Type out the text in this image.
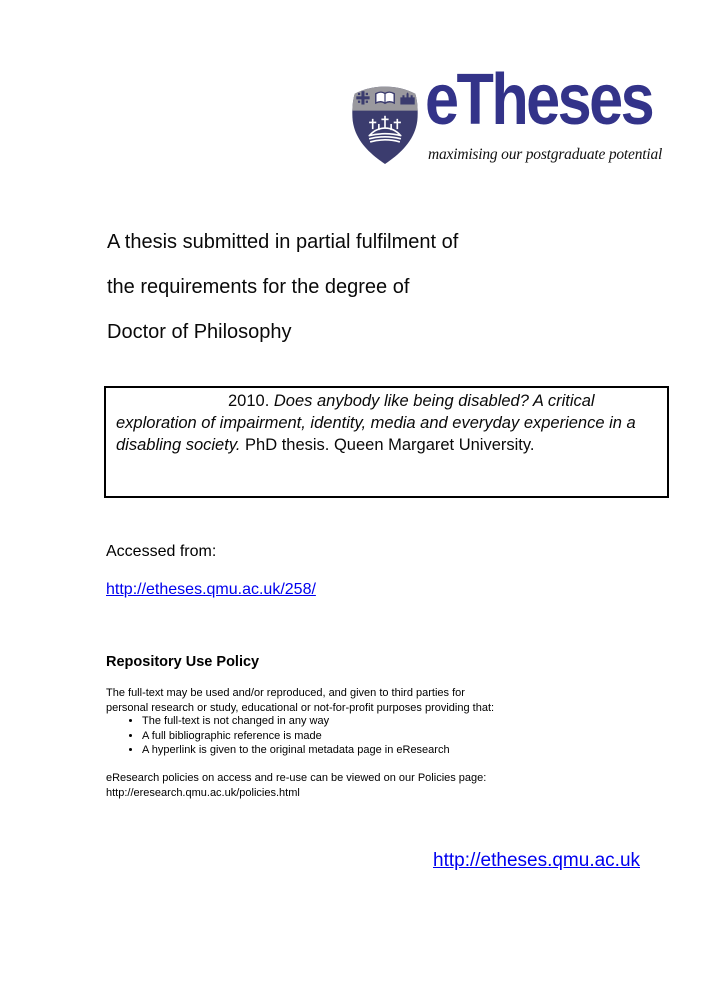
eTheses
maximising our postgraduate potential
A thesis submitted in partial fulfilment of
the requirements for the degree of
Doctor of Philosophy

2010. Does anybody like being disabled? A critical exploration of impairment, identity, media and everyday experience in a disabling society. PhD thesis. Queen Margaret University.

Accessed from:
http://etheses.qmu.ac.uk/258/
Repository Use Policy
The full-text may be used and/or reproduced, and given to third parties for personal research or study, educational or not-for-profit purposes providing that:
• The full-text is not changed in any way
• A full bibliographic reference is made
• A hyperlink is given to the original metadata page in eResearch
eResearch policies on access and re-use can be viewed on our Policies page:
http://eresearch.qmu.ac.uk/policies.html
http://etheses.qmu.ac.uk
